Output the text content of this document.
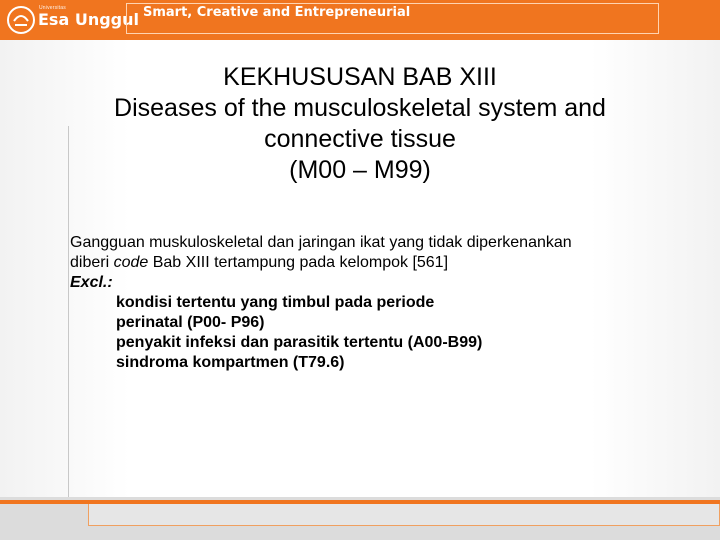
Universitas
Esa Unggul Smart, Creative and Entrepreneurial
KEKHUSUSAN BAB XIII
Diseases of the musculoskeletal system and
connective tissue
(M00 – M99)
Gangguan muskuloskeletal dan jaringan ikat yang tidak diperkenankan
diberi code Bab XIII tertampung pada kelompok [561]
Excl.:
kondisi tertentu yang timbul pada periode
perinatal (P00- P96)
penyakit infeksi dan parasitik tertentu (A00-B99)
sindroma kompartmen (T79.6)
